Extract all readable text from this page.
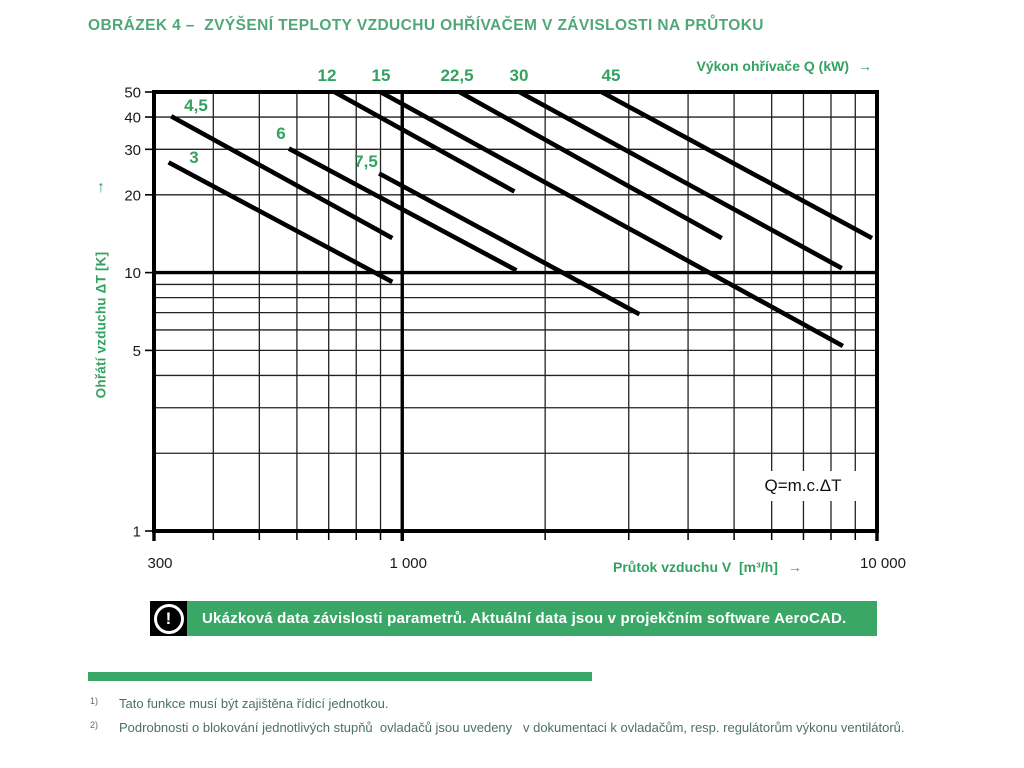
OBRÁZEK 4 –  ZVÝŠENÍ TEPLOTY VZDUCHU OHŘÍVAČEM V ZÁVISLOSTI NA PRŮTOKU
300	1 000	10 000
50
40
30
20
10
5
1
3
4,5
6
7,5
12 15	22,5 30	45
↑
Ohřátí vzduchu ΔT [K]
Výkon ohřívače Q (kW) →
Průtok vzduchu V  [m³/h] →
Q=m.c.ΔT
!	Ukázková data závislosti parametrů. Aktuální data jsou v projekčním software AeroCAD.
1) Tato funkce musí být zajištěna řídicí jednotkou.
2) Podrobnosti o blokování jednotlivých stupňů  ovladačů jsou uvedeny   v dokumentaci k ovladačům, resp. regulátorům výkonu ventilátorů.
